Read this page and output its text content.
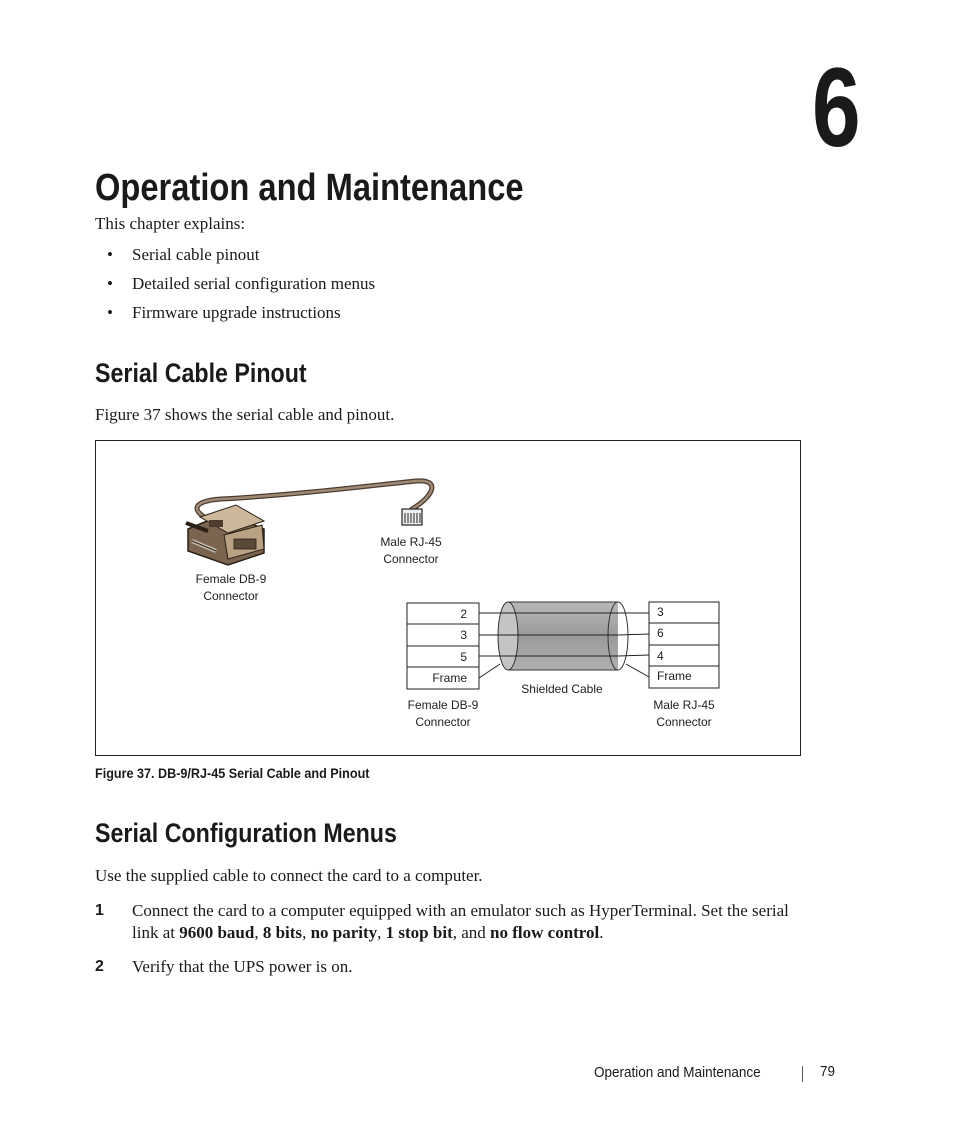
6
Operation and Maintenance
This chapter explains:
• Serial cable pinout
• Detailed serial configuration menus
• Firmware upgrade instructions
Serial Cable Pinout
Figure 37 shows the serial cable and pinout.
Male RJ-45
Connector
Female DB-9
Connector
2
3
5
Frame
3
6
4
Frame
Shielded Cable
Female DB-9
Connector
Male RJ-45
Connector
Figure 37. DB-9/RJ-45 Serial Cable and Pinout
Serial Configuration Menus
Use the supplied cable to connect the card to a computer.
1 Connect the card to a computer equipped with an emulator such as HyperTerminal. Set the serial
link at 9600 baud, 8 bits, no parity, 1 stop bit, and no flow control.
2 Verify that the UPS power is on.
Operation and Maintenance	79
